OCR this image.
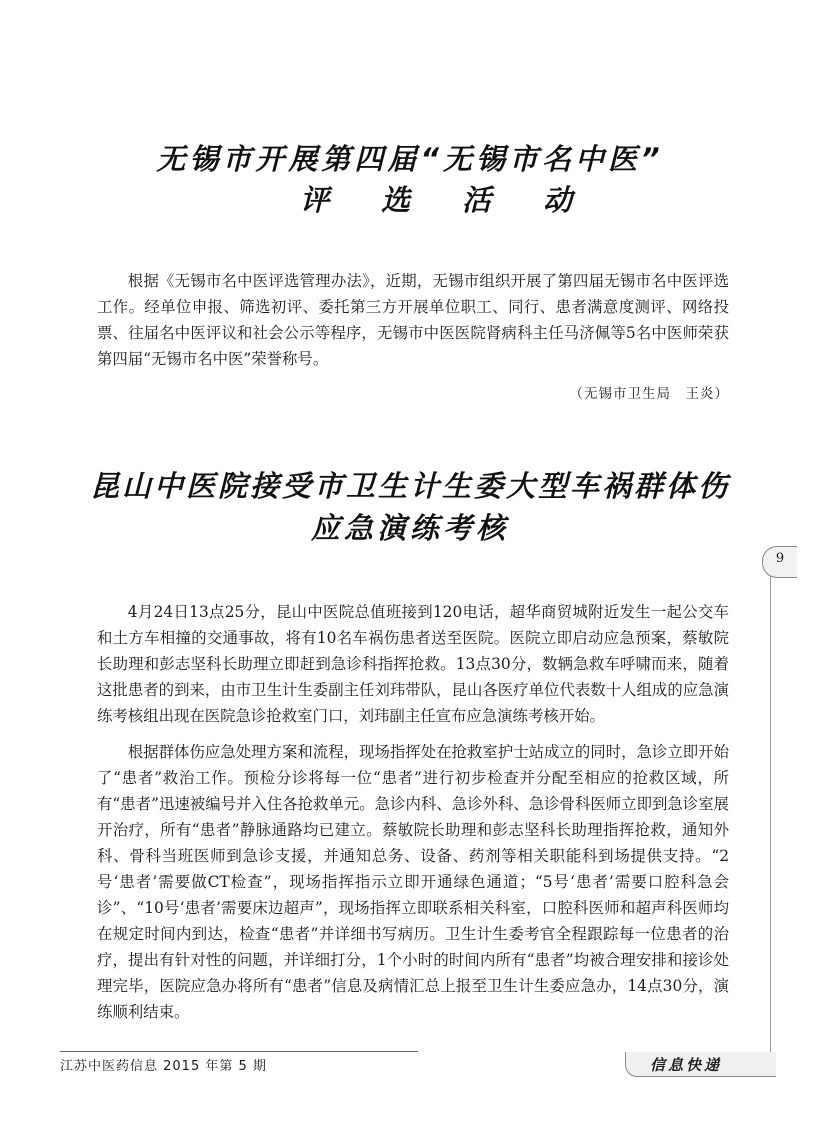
无锡市开展第四届“无锡市名中医”
评选活动

根据《无锡市名中医评选管理办法》，近期，无锡市组织开展了第四届无锡市名中医评选工作。经单位申报、筛选初评、委托第三方开展单位职工、同行、患者满意度测评、网络投票、往届名中医评议和社会公示等程序，无锡市中医医院肾病科主任马济佩等5名中医师荣获第四届“无锡市名中医”荣誉称号。

（无锡市卫生局　王炎）
昆山中医院接受市卫生计生委大型车祸群体伤
应急演练考核
9

4月24日13点25分，昆山中医院总值班接到120电话，超华商贸城附近发生一起公交车和土方车相撞的交通事故，将有10名车祸伤患者送至医院。医院立即启动应急预案，蔡敏院长助理和彭志坚科长助理立即赶到急诊科指挥抢救。13点30分，数辆急救车呼啸而来，随着这批患者的到来，由市卫生计生委副主任刘玮带队，昆山各医疗单位代表数十人组成的应急演练考核组出现在医院急诊抢救室门口，刘玮副主任宣布应急演练考核开始。

根据群体伤应急处理方案和流程，现场指挥处在抢救室护士站成立的同时，急诊立即开始了“患者”救治工作。预检分诊将每一位“患者”进行初步检查并分配至相应的抢救区域，所有“患者”迅速被编号并入住各抢救单元。急诊内科、急诊外科、急诊骨科医师立即到急诊室展开治疗，所有“患者”静脉通路均已建立。蔡敏院长助理和彭志坚科长助理指挥抢救，通知外科、骨科当班医师到急诊支援，并通知总务、设备、药剂等相关职能科到场提供支持。“2号‘患者’需要做CT检查”，现场指挥指示立即开通绿色通道；“5号‘患者’需要口腔科急会诊”、“10号‘患者’需要床边超声”，现场指挥立即联系相关科室，口腔科医师和超声科医师均在规定时间内到达，检查“患者”并详细书写病历。卫生计生委考官全程跟踪每一位患者的治疗，提出有针对性的问题，并详细打分，1个小时的时间内所有“患者”均被合理安排和接诊处理完毕，医院应急办将所有“患者”信息及病情汇总上报至卫生计生委应急办，14点30分，演练顺利结束。

江苏中医药信息 2015 年第 5 期	信息快递
